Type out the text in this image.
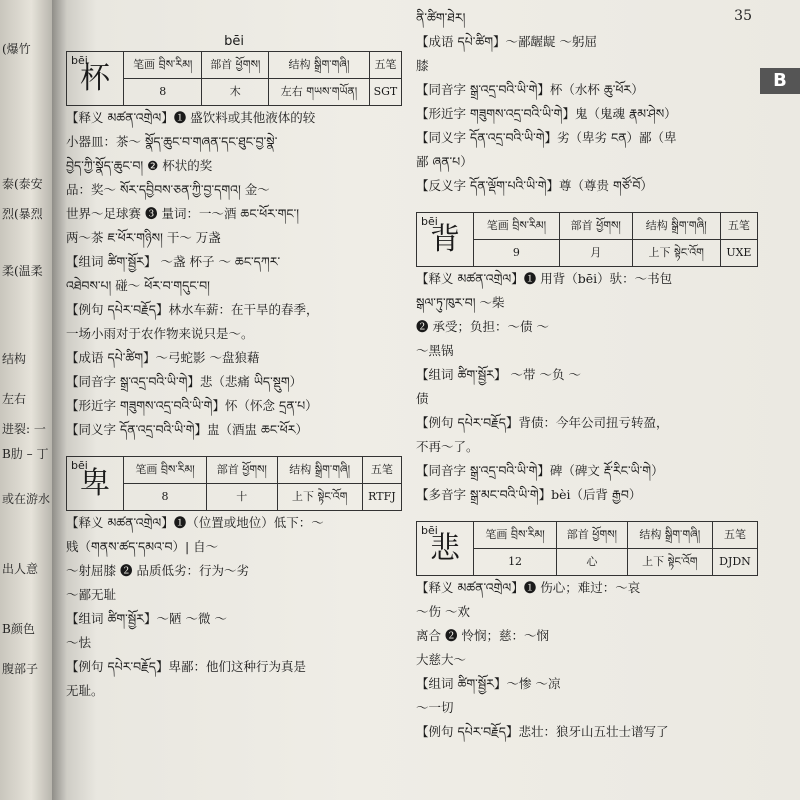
(爆竹
泰(泰安
烈(暴烈
柔(温柔
结构
左右
进裂: 一
B肋 – 丁
或在游水
出人意
B颜色
腹部子
35
B
bēi
bēi
杯	笔画 བྲིས་རིམ།	部首 ཕྱོགས།	结构 སྒྲིག་གཞི།	五笔
	8	木	左右 གཡས་གཡོན།	SGT
【释义 མཚན་འགྲེལ】❶ 盛饮料或其他液体的较
小器皿：茶～ སྣོད་ཆུང་བ་གཞན་དང་ཐུང་བྱ་སྣེ་
བྱེད་ཀྱི་སྣོད་ཆུང་བ། ❷ 杯状的奖
品：奖～ སོར་དབྱིབས་ཅན་ཀྱི་བྱ་དགའ། 金～
世界～足球赛 ❸ 量词：一～酒 ཆང་ཕོར་གང་།
两～茶 ཇ་ཕོར་གཉིས། 干～ 万盏
【组词 ཚིག་སྦྱོར】 ～盏 杯子 ～ ཆང་དཀར་
འཐེབས་པ། 碰～ ཕོར་བ་གདུང་བ།
【例句 དཔེར་བརྗོད】林水车薪：在干旱的春季，
一场小雨对于农作物来说只是～。
【成语 དཔེ་ཚིག】～弓蛇影 ～盘狼藉
【同音字 སྒྲ་འདྲ་བའི་ཡི་གེ】悲（悲痛 ཡིད་སྡུག）
【形近字 གཟུགས་འདྲ་བའི་ཡི་གེ】怀（怀念 དྲན་པ）
【同义字 དོན་འདྲ་བའི་ཡི་གེ】盅（酒盅 ཆང་ཕོར）
bēi
卑	笔画 བྲིས་རིམ།	部首 ཕྱོགས།	结构 སྒྲིག་གཞི།	五笔
	8	十	上下 སྟེང་འོག	RTFJ
【释义 མཚན་འགྲེལ】❶（位置或地位）低下：～
贱（གནས་ཚད་དམའ་བ）| 自～
～射屈膝 ❷ 品质低劣：行为～劣
～鄙无耻
【组词 ཚིག་སྦྱོར】～陋 ～微 ～
～怯
【例句 དཔེར་བརྗོད】卑鄙：他们这种行为真是
无耻。
ནི་ཚིག་ཐེར།
【成语 དཔེ་ཚིག】～鄙龌龊 ～躬屈
膝
【同音字 སྒྲ་འདྲ་བའི་ཡི་གེ】杯（水杯 ཆུ་ཕོར）
【形近字 གཟུགས་འདྲ་བའི་ཡི་གེ】鬼（鬼魂 རྣམ་ཤེས）
【同义字 དོན་འདྲ་བའི་ཡི་གེ】劣（卑劣 ངན）鄙（卑
鄙 ཞན་པ）
【反义字 དོན་ལྡོག་པའི་ཡི་གེ】尊（尊贵 གཙོ་བོ）
bēi
背	笔画 བྲིས་རིམ།	部首 ཕྱོགས།	结构 སྒྲིག་གཞི།	五笔
	9	月	上下 སྟེང་འོག	UXE
【释义 མཚན་འགྲེལ】❶ 用背（bēi）驮：～书包
སྒལ་ཏུ་ཁུར་བ། ～柴
❷ 承受；负担：～债 ～
～黑锅
【组词 ཚིག་སྦྱོར】 ～带 ～负 ～
债
【例句 དཔེར་བརྗོད】背债：今年公司扭亏转盈，
不再～了。
【同音字 སྒྲ་འདྲ་བའི་ཡི་གེ】碑（碑文 རྡོ་རིང་ཡི་གེ）
【多音字 སྒྲ་མང་བའི་ཡི་གེ】bèi（后背 རྒྱབ）
bēi
悲	笔画 བྲིས་རིམ།	部首 ཕྱོགས།	结构 སྒྲིག་གཞི།	五笔
	12	心	上下 སྟེང་འོག	DJDN
【释义 མཚན་འགྲེལ】❶ 伤心；难过：～哀
～伤 ～欢
离合 ❷ 怜悯；慈：～悯
大慈大～
【组词 ཚིག་སྦྱོར】～惨 ～凉
～一切
【例句 དཔེར་བརྗོད】悲壮：狼牙山五壮士谱写了
